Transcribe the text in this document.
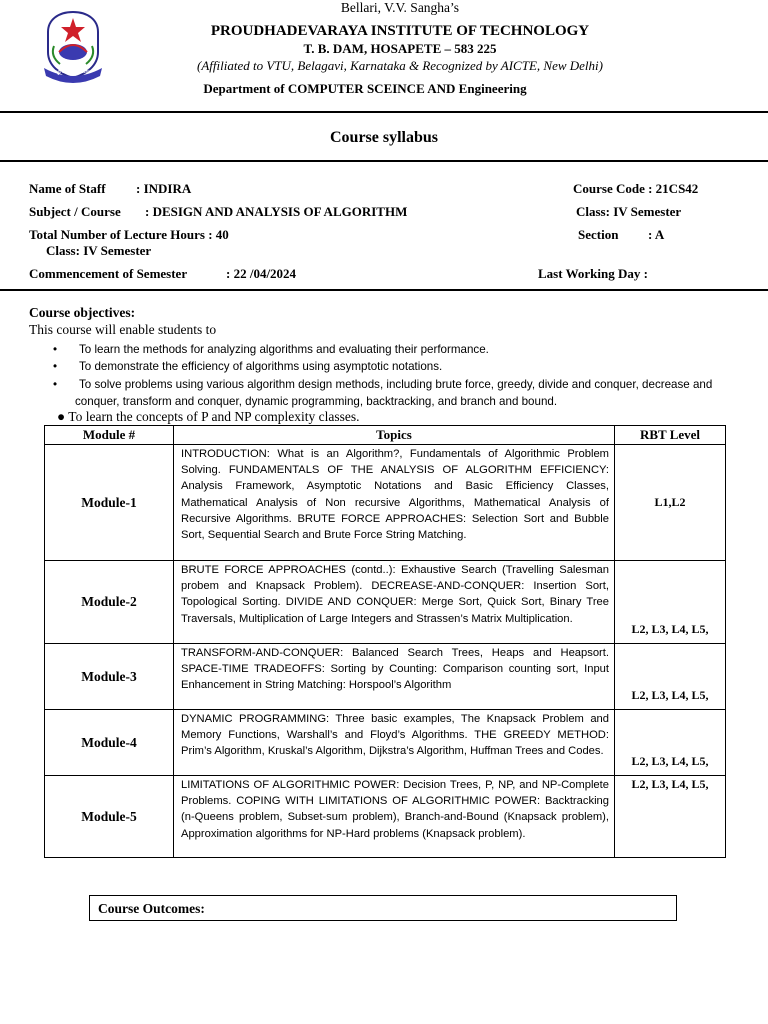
ಜ್ಞಾನ ಸುಧಾ ಪ್ರವಾಹಃ
Bellari, V.V. Sangha’s
PROUDHADEVARAYA INSTITUTE OF TECHNOLOGY
T. B. DAM, HOSAPETE – 583 225
(Affiliated to VTU, Belagavi, Karnataka & Recognized by AICTE, New Delhi)
Department of COMPUTER SCEINCE AND Engineering
Course syllabus
Name of Staff : INDIRA	Course Code : 21CS42
Subject / Course : DESIGN AND ANALYSIS OF ALGORITHM	Class: IV Semester
Total Number of Lecture Hours : 40	Section : A
Class: IV Semester
Commencement of Semester	: 22 /04/2024	Last Working Day :
Course objectives:
This course will enable students to
• To learn the methods for analyzing algorithms and evaluating their performance.
• To demonstrate the efficiency of algorithms using asymptotic notations.
• To solve problems using various algorithm design methods, including brute force, greedy, divide and conquer, decrease and conquer, transform and conquer, dynamic programming, backtracking, and branch and bound.
● To learn the concepts of P and NP complexity classes.
Module #	Topics	RBT Level
Module-1	INTRODUCTION: What is an Algorithm?, Fundamentals of Algorithmic Problem Solving. FUNDAMENTALS OF THE ANALYSIS OF ALGORITHM EFFICIENCY: Analysis Framework, Asymptotic Notations and Basic Efficiency Classes, Mathematical Analysis of Non recursive Algorithms, Mathematical Analysis of Recursive Algorithms. BRUTE FORCE APPROACHES: Selection Sort and Bubble Sort, Sequential Search and Brute Force String Matching.	L1,L2
Module-2	BRUTE FORCE APPROACHES (contd..): Exhaustive Search (Travelling Salesman probem and Knapsack Problem). DECREASE-AND-CONQUER: Insertion Sort, Topological Sorting. DIVIDE AND CONQUER: Merge Sort, Quick Sort, Binary Tree Traversals, Multiplication of Large Integers and Strassen’s Matrix Multiplication.	L2, L3, L4, L5,
Module-3	TRANSFORM-AND-CONQUER: Balanced Search Trees, Heaps and Heapsort. SPACE-TIME TRADEOFFS: Sorting by Counting: Comparison counting sort, Input Enhancement in String Matching: Horspool’s Algorithm	L2, L3, L4, L5,
Module-4	DYNAMIC PROGRAMMING: Three basic examples, The Knapsack Problem and Memory Functions, Warshall’s and Floyd’s Algorithms. THE GREEDY METHOD: Prim’s Algorithm, Kruskal’s Algorithm, Dijkstra’s Algorithm, Huffman Trees and Codes.	L2, L3, L4, L5,
Module-5	LIMITATIONS OF ALGORITHMIC POWER: Decision Trees, P, NP, and NP-Complete Problems. COPING WITH LIMITATIONS OF ALGORITHMIC POWER: Backtracking (n-Queens problem, Subset-sum problem), Branch-and-Bound (Knapsack problem), Approximation algorithms for NP-Hard problems (Knapsack problem).	L2, L3, L4, L5,
Course Outcomes:
